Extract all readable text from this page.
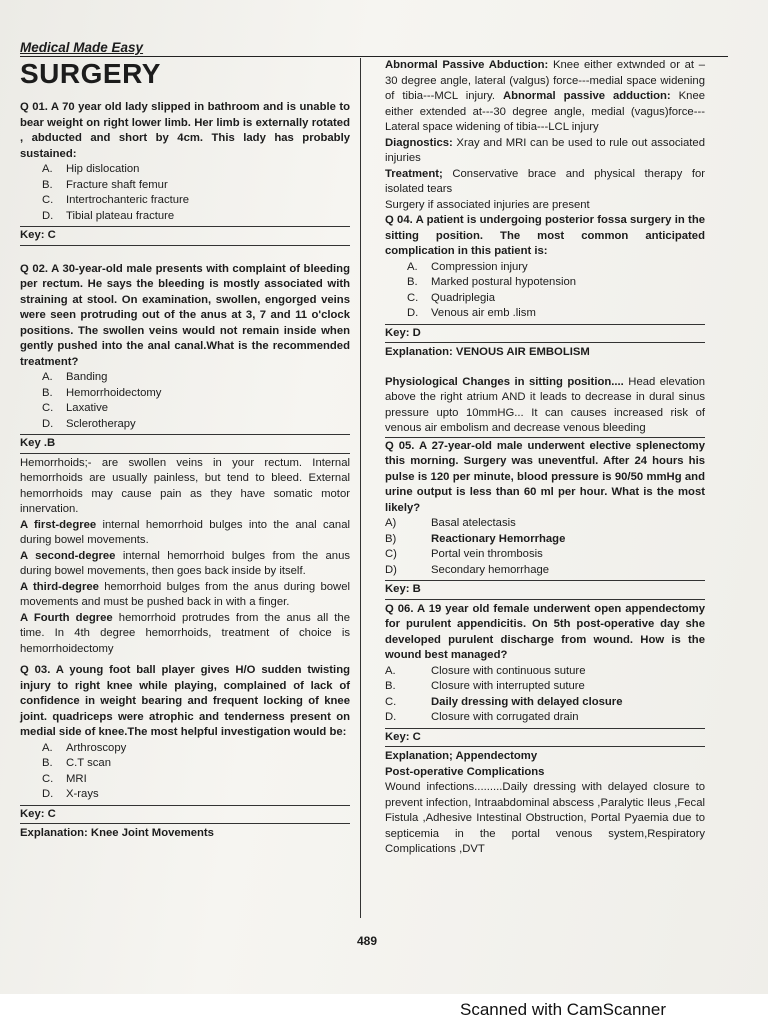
Medical Made Easy
SURGERY

Q 01. A 70 year old lady slipped in bathroom and is unable to bear weight on right lower limb. Her limb is externally rotated , abducted and short by 4cm. This lady has probably sustained:

A.	Hip dislocation
B.	Fracture shaft femur
C.	Intertrochanteric fracture
D.	Tibial plateau fracture
Key: C

Q 02. A 30-year-old male presents with complaint of bleeding per rectum. He says the bleeding is mostly associated with straining at stool. On examination, swollen, engorged veins were seen protruding out of the anus at 3, 7 and 11 o'clock positions. The swollen veins would not remain inside when gently pushed into the anal canal.What is the recommended treatment?

A.	Banding
B.	Hemorrhoidectomy
C.	Laxative
D.	Sclerotherapy
Key .B

Hemorrhoids;- are swollen veins in your rectum. Internal hemorrhoids are usually painless, but tend to bleed. External hemorrhoids may cause pain as they have somatic motor innervation.

A first-degree internal hemorrhoid bulges into the anal canal during bowel movements.

A second-degree internal hemorrhoid bulges from the anus during bowel movements, then goes back inside by itself.

A third-degree hemorrhoid bulges from the anus during bowel movements and must be pushed back in with a finger.

A Fourth degree hemorrhoid protrudes from the anus all the time. In 4th degree hemorrhoids, treatment of choice is hemorrhoidectomy

Q 03. A young foot ball player gives H/O sudden twisting injury to right knee while playing, complained of lack of confidence in weight bearing and frequent locking of knee joint. quadriceps were atrophic and tenderness present on medial side of knee.The most helpful investigation would be:

A.	Arthroscopy
B.	C.T scan
C.	MRI
D.	X-rays
Key: C

Explanation: Knee Joint Movements

Abnormal Passive Abduction: Knee either extwnded or at –30 degree angle, lateral (valgus) force---medial space widening of tibia---MCL injury. Abnormal passive adduction: Knee either extended at---30 degree angle, medial (vagus)force---Lateral space widening of tibia---LCL injury

Diagnostics: Xray and MRI can be used to rule out associated injuries

Treatment; Conservative brace and physical therapy for isolated tears

Surgery if associated injuries are present

Q 04. A patient is undergoing posterior fossa surgery in the sitting position. The most common anticipated complication in this patient is:

A.	Compression injury
B.	Marked postural hypotension
C.	Quadriplegia
D.	Venous air emb .lism
Key: D

Explanation: VENOUS AIR EMBOLISM

Physiological Changes in sitting position.... Head elevation above the right atrium AND it leads to decrease in dural sinus pressure upto 10mmHG... It can causes increased risk of venous air embolism and decrease venous bleeding

Q 05. A 27-year-old male underwent elective splenectomy this morning. Surgery was uneventful. After 24 hours his pulse is 120 per minute, blood pressure is 90/50 mmHg and urine output is less than 60 ml per hour. What is the most likely?

A)	Basal atelectasis
B)	Reactionary Hemorrhage
C)	Portal vein thrombosis
D)	Secondary hemorrhage
Key: B

Q 06. A 19 year old female underwent open appendectomy for purulent appendicitis. On 5th post-operative day she developed purulent discharge from wound. How is the wound best managed?

A.	Closure with continuous suture
B.	Closure with interrupted suture
C.	Daily dressing with delayed closure
D.	Closure with corrugated drain
Key: C

Explanation; Appendectomy

Post-operative Complications

Wound infections.........Daily dressing with delayed closure to prevent infection, Intraabdominal abscess ,Paralytic Ileus ,Fecal Fistula ,Adhesive Intestinal Obstruction, Portal Pyaemia due to septicemia in the portal venous system,Respiratory Complications ,DVT

489
Scanned with CamScanner
